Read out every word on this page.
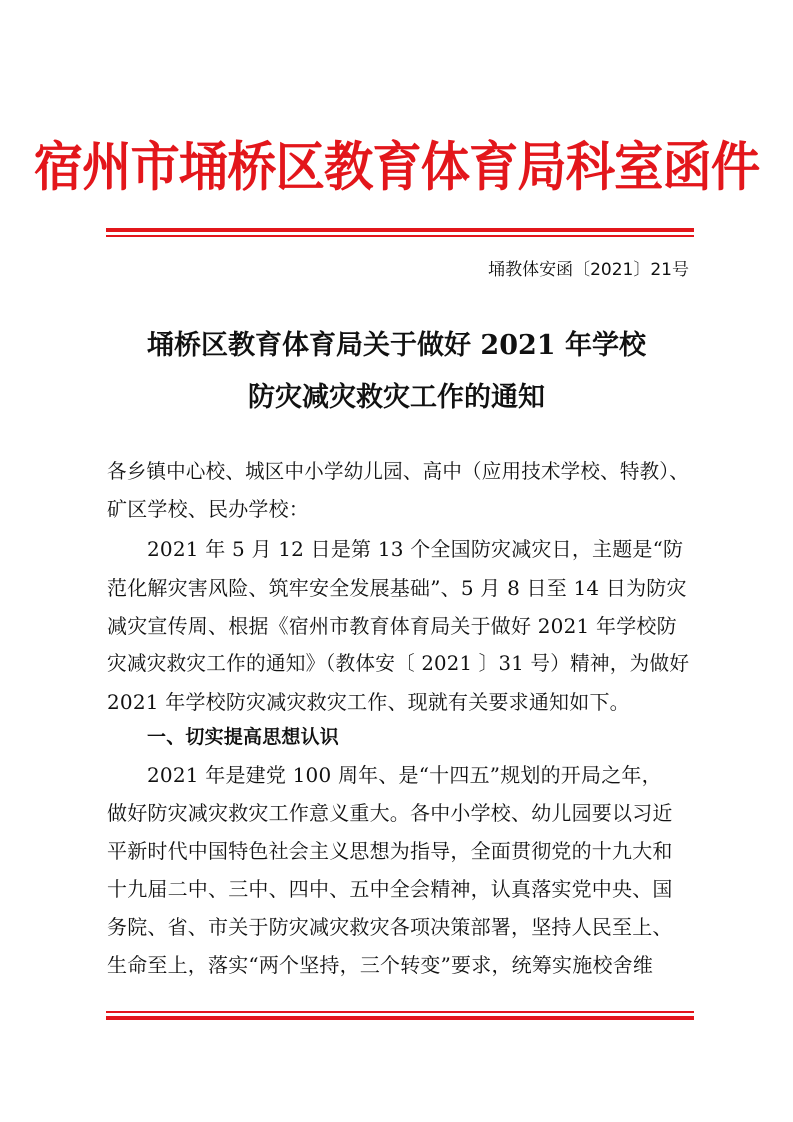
宿州市埇桥区教育体育局科室函件
埇教体安函〔2021〕21号
埇桥区教育体育局关于做好 2021 年学校
防灾减灾救灾工作的通知
各乡镇中心校、城区中小学幼儿园、高中（应用技术学校、特教）、
矿区学校、民办学校：
2021 年 5 月 12 日是第 13 个全国防灾减灾日，主题是“防
范化解灾害风险、筑牢安全发展基础”、5 月 8 日至 14 日为防灾
减灾宣传周、根据《宿州市教育体育局关于做好 2021 年学校防
灾减灾救灾工作的通知》（教体安〔 2021 〕31 号）精神，为做好
2021 年学校防灾减灾救灾工作、现就有关要求通知如下。
一、切实提高思想认识
2021 年是建党 100 周年、是“十四五”规划的开局之年，
做好防灾减灾救灾工作意义重大。各中小学校、幼儿园要以习近
平新时代中国特色社会主义思想为指导，全面贯彻党的十九大和
十九届二中、三中、四中、五中全会精神，认真落实党中央、国
务院、省、市关于防灾减灾救灾各项决策部署，坚持人民至上、
生命至上，落实“两个坚持，三个转变”要求，统筹实施校舍维
